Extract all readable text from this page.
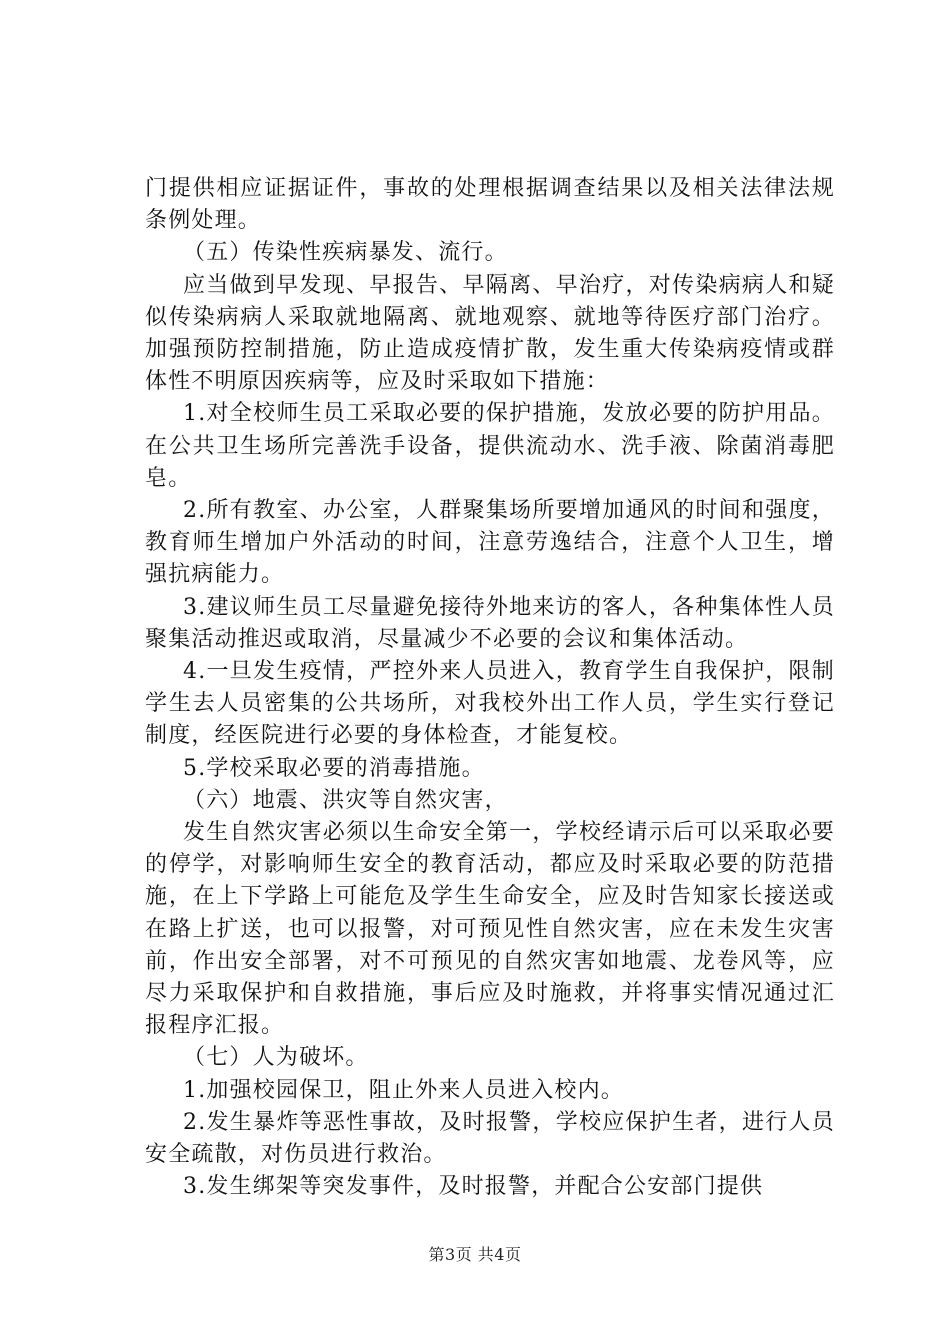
门提供相应证据证件，事故的处理根据调查结果以及相关法律法规条例处理。

（五）传染性疾病暴发、流行。

应当做到早发现、早报告、早隔离、早治疗，对传染病病人和疑似传染病病人采取就地隔离、就地观察、就地等待医疗部门治疗。加强预防控制措施，防止造成疫情扩散，发生重大传染病疫情或群体性不明原因疾病等，应及时采取如下措施：

1.对全校师生员工采取必要的保护措施，发放必要的防护用品。在公共卫生场所完善洗手设备，提供流动水、洗手液、除菌消毒肥皂。

2.所有教室、办公室，人群聚集场所要增加通风的时间和强度，教育师生增加户外活动的时间，注意劳逸结合，注意个人卫生，增强抗病能力。

3.建议师生员工尽量避免接待外地来访的客人，各种集体性人员聚集活动推迟或取消，尽量减少不必要的会议和集体活动。

4.一旦发生疫情，严控外来人员进入，教育学生自我保护，限制学生去人员密集的公共场所，对我校外出工作人员，学生实行登记制度，经医院进行必要的身体检查，才能复校。

5.学校采取必要的消毒措施。

（六）地震、洪灾等自然灾害，

发生自然灾害必须以生命安全第一，学校经请示后可以采取必要的停学，对影响师生安全的教育活动，都应及时采取必要的防范措施，在上下学路上可能危及学生生命安全，应及时告知家长接送或在路上扩送，也可以报警，对可预见性自然灾害，应在未发生灾害前，作出安全部署，对不可预见的自然灾害如地震、龙卷风等，应尽力采取保护和自救措施，事后应及时施救，并将事实情况通过汇报程序汇报。

（七）人为破坏。

1.加强校园保卫，阻止外来人员进入校内。

2.发生暴炸等恶性事故，及时报警，学校应保护生者，进行人员安全疏散，对伤员进行救治。

3.发生绑架等突发事件，及时报警，并配合公安部门提供

第3页 共4页
